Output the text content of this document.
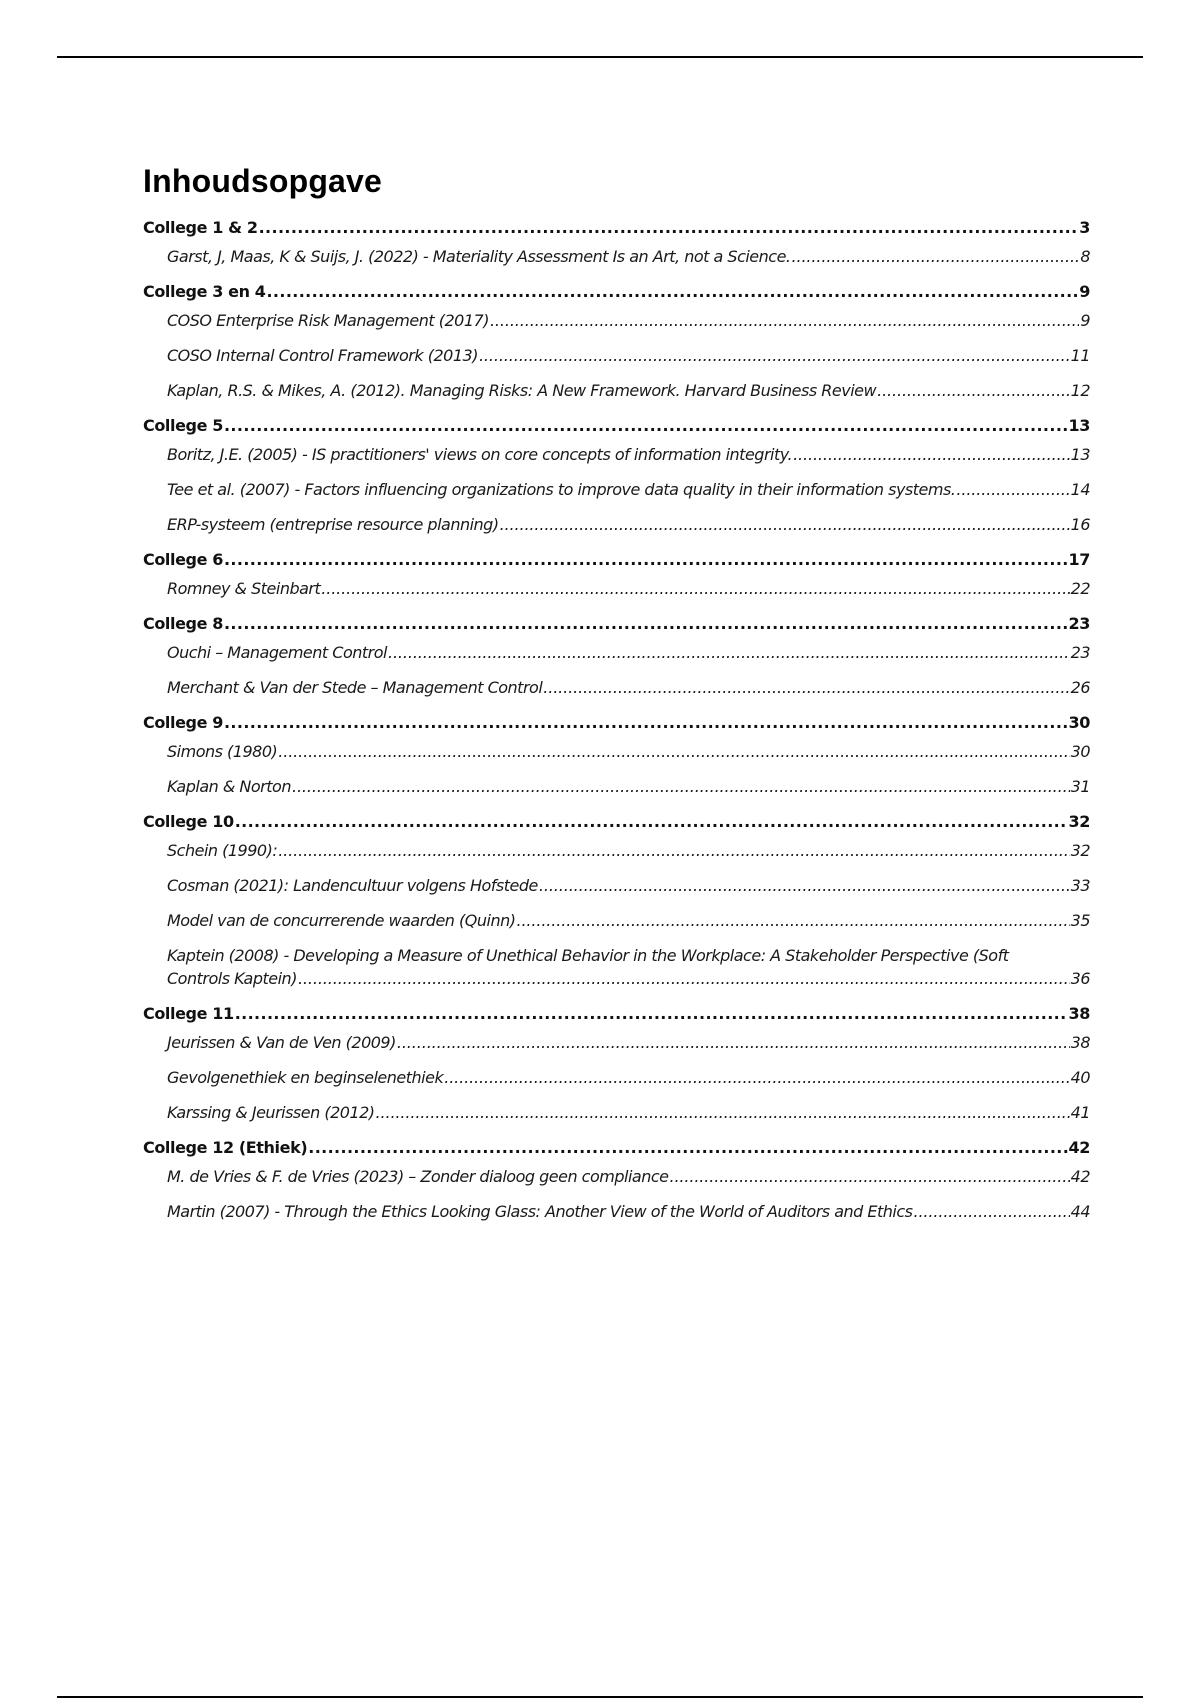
Inhoudsopgave
College 1 & 2 . . .	3
Garst, J, Maas, K & Suijs, J. (2022) - Materiality Assessment Is an Art, not a Science. . . .	8
College 3 en 4 . . .	9
COSO Enterprise Risk Management (2017) . . .	9
COSO Internal Control Framework (2013) . . .	11
Kaplan, R.S. & Mikes, A. (2012). Managing Risks: A New Framework. Harvard Business Review . . .	12
College 5 . . .	13
Boritz, J.E. (2005) - IS practitioners' views on core concepts of information integrity. . . .	13
Tee et al. (2007) - Factors influencing organizations to improve data quality in their information systems. . . .	14
ERP-systeem (entreprise resource planning) . . .	16
College 6 . . .	17
Romney & Steinbart . . .	22
College 8 . . .	23
Ouchi – Management Control . . .	23
Merchant & Van der Stede – Management Control . . .	26
College 9 . . .	30
Simons (1980) . . .	30
Kaplan & Norton . . .	31
College 10 . . .	32
Schein (1990): . . .	32
Cosman (2021): Landencultuur volgens Hofstede . . .	33
Model van de concurrerende waarden (Quinn) . . .	35
Kaptein (2008) - Developing a Measure of Unethical Behavior in the Workplace: A Stakeholder Perspective (Soft
Controls Kaptein) . . .	36
College 11 . . .	38
Jeurissen & Van de Ven (2009) . . .	38
Gevolgenethiek en beginselenethiek . . .	40
Karssing & Jeurissen (2012) . . .	41
College 12 (Ethiek) . . .	42
M. de Vries & F. de Vries (2023) – Zonder dialoog geen compliance . . .	42
Martin (2007) - Through the Ethics Looking Glass: Another View of the World of Auditors and Ethics . . .	44
